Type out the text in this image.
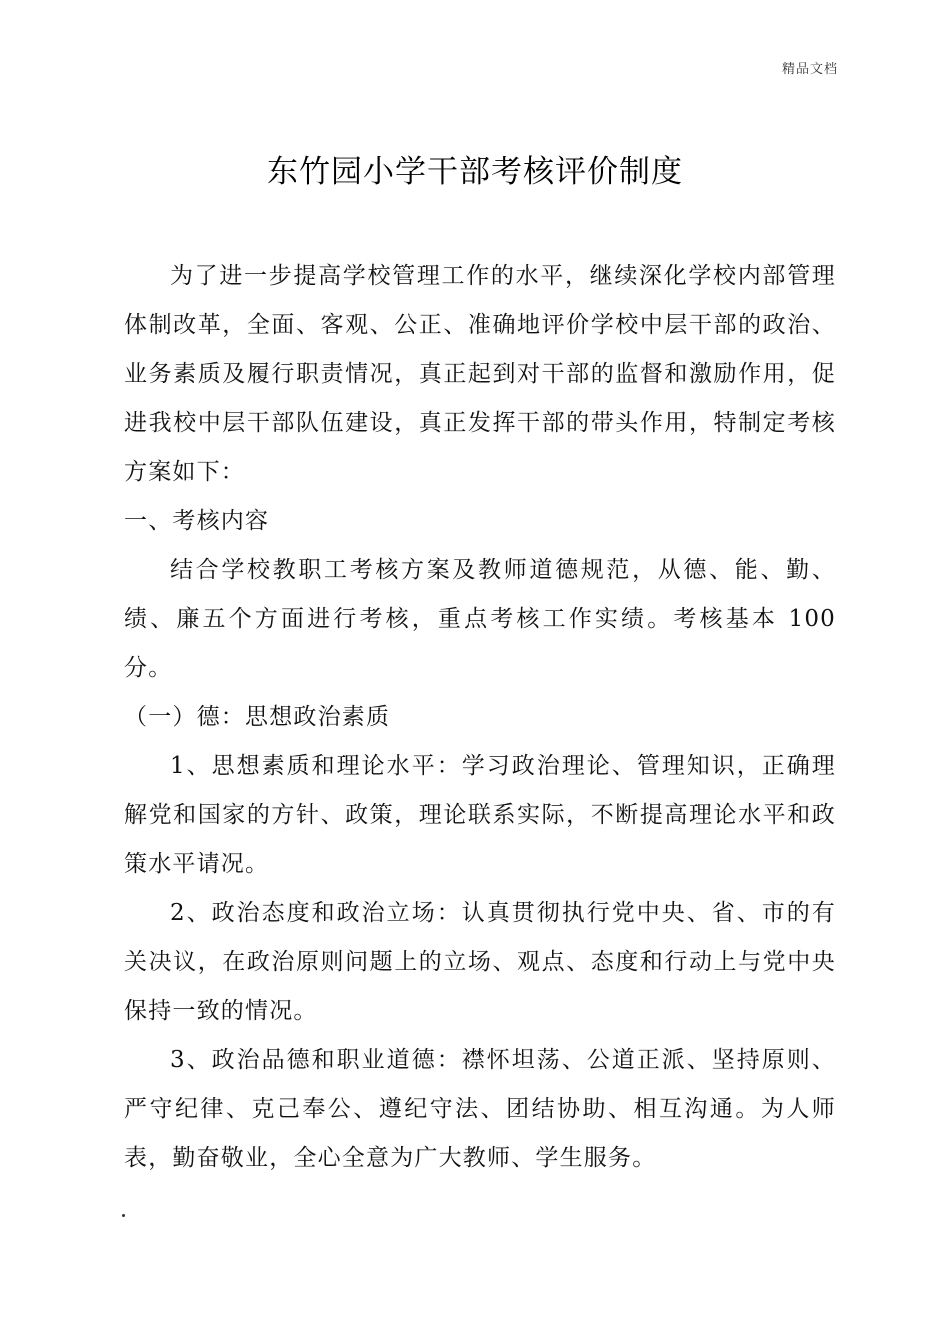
精品文档
东竹园小学干部考核评价制度

为了进一步提高学校管理工作的水平，继续深化学校内部管理体制改革，全面、客观、公正、准确地评价学校中层干部的政治、业务素质及履行职责情况，真正起到对干部的监督和激励作用，促进我校中层干部队伍建设，真正发挥干部的带头作用，特制定考核方案如下：

一、考核内容

结合学校教职工考核方案及教师道德规范，从德、能、勤、绩、廉五个方面进行考核，重点考核工作实绩。考核基本 100 分。

（一）德：思想政治素质

1、思想素质和理论水平：学习政治理论、管理知识，正确理解党和国家的方针、政策，理论联系实际，不断提高理论水平和政策水平请况。

2、政治态度和政治立场：认真贯彻执行党中央、省、市的有关决议，在政治原则问题上的立场、观点、态度和行动上与党中央保持一致的情况。

3、政治品德和职业道德：襟怀坦荡、公道正派、坚持原则、严守纪律、克己奉公、遵纪守法、团结协助、相互沟通。为人师表，勤奋敬业，全心全意为广大教师、学生服务。
